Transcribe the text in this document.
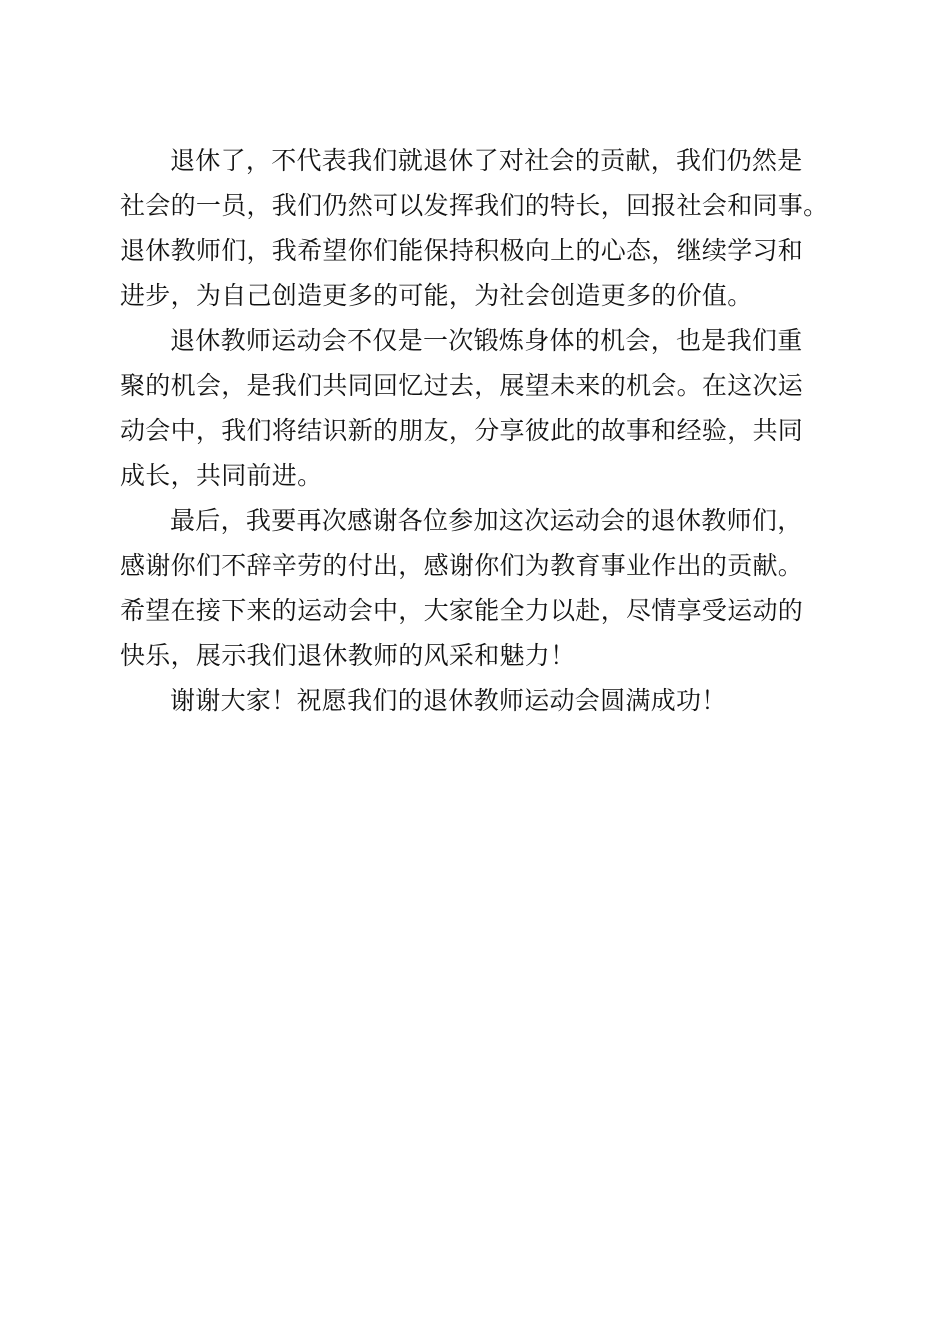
退休了，不代表我们就退休了对社会的贡献，我们仍然是
社会的一员，我们仍然可以发挥我们的特长，回报社会和同事。
退休教师们，我希望你们能保持积极向上的心态，继续学习和
进步，为自己创造更多的可能，为社会创造更多的价值。

退休教师运动会不仅是一次锻炼身体的机会，也是我们重
聚的机会，是我们共同回忆过去，展望未来的机会。在这次运
动会中，我们将结识新的朋友，分享彼此的故事和经验，共同
成长，共同前进。

最后，我要再次感谢各位参加这次运动会的退休教师们，
感谢你们不辞辛劳的付出，感谢你们为教育事业作出的贡献。
希望在接下来的运动会中，大家能全力以赴，尽情享受运动的
快乐，展示我们退休教师的风采和魅力！

谢谢大家！祝愿我们的退休教师运动会圆满成功！
